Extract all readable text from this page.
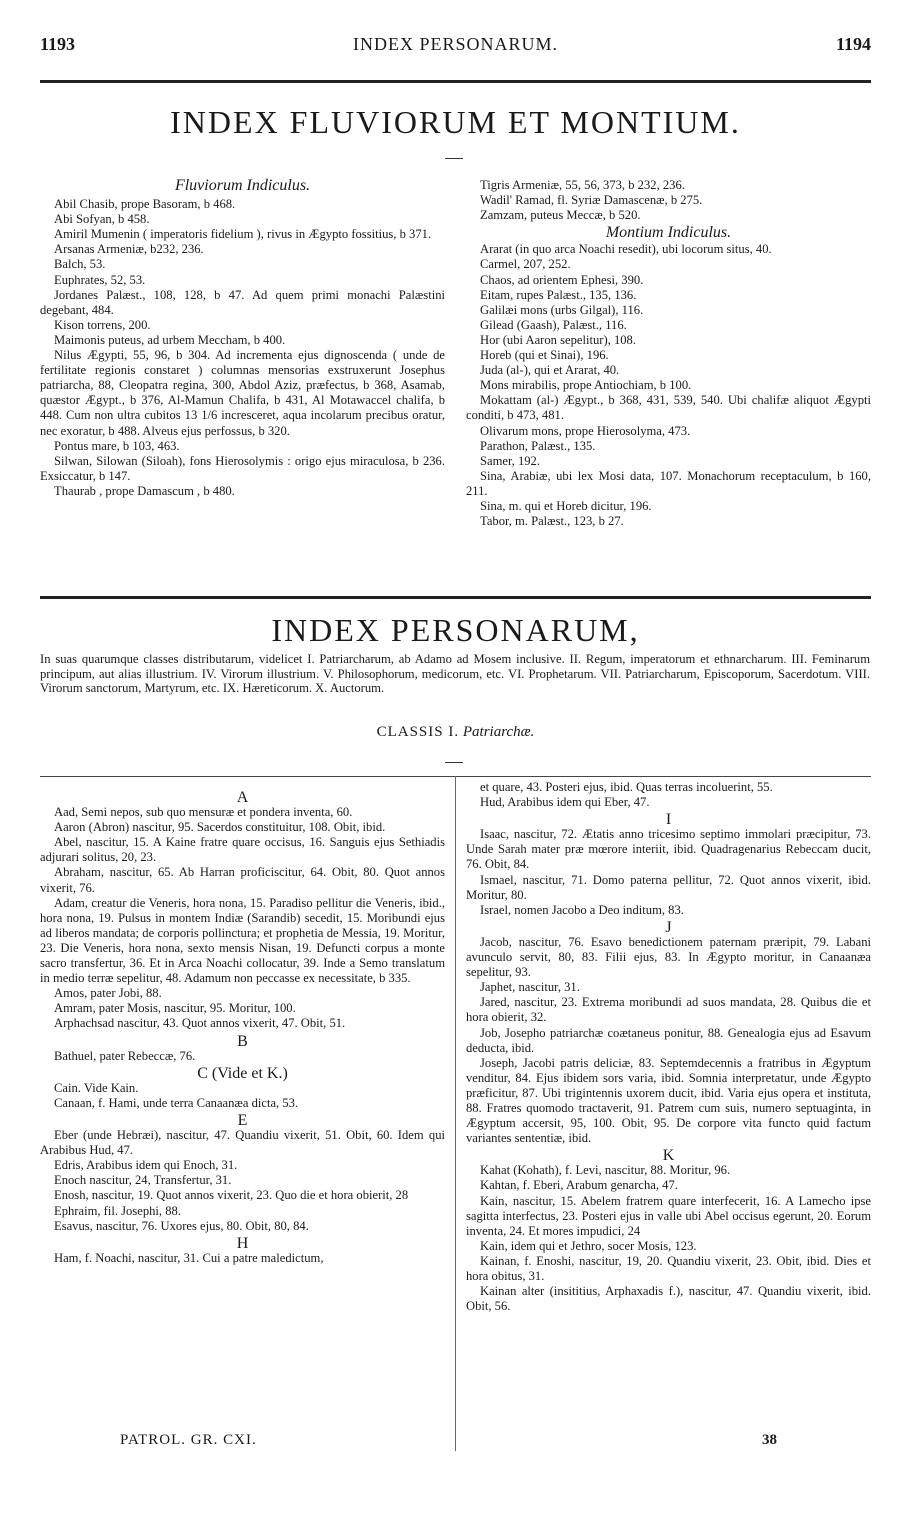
1193	INDEX PERSONARUM.	1194
INDEX FLUVIORUM ET MONTIUM.

Fluviorum Indiculus.

Abil Chasib, prope Basoram, b 468.

Abi Sofyan, b 458.

Amiril Mumenin ( imperatoris fidelium ), rivus in Ægypto fossitius, b 371.

Arsanas Armeniæ, b232, 236.

Balch, 53.

Euphrates, 52, 53.

Jordanes Palæst., 108, 128, b 47. Ad quem primi monachi Palæstini degebant, 484.

Kison torrens, 200.

Maimonis puteus, ad urbem Meccham, b 400.

Nilus Ægypti, 55, 96, b 304. Ad incrementa ejus dignoscenda ( unde de fertilitate regionis constaret ) columnas mensorias exstruxerunt Josephus patriarcha, 88, Cleopatra regina, 300, Abdol Aziz, præfectus, b 368, Asamab, quæstor Ægypt., b 376, Al-Mamun Chalifa, b 431, Al Motawaccel chalifa, b 448. Cum non ultra cubitos 13 1/6 incresceret, aqua incolarum precibus oratur, nec exoratur, b 488. Alveus ejus perfossus, b 320.

Pontus mare, b 103, 463.

Silwan, Silowan (Siloah), fons Hierosolymis : origo ejus miraculosa, b 236. Exsiccatur, b 147.

Thaurab , prope Damascum , b 480.

Tigris Armeniæ, 55, 56, 373, b 232, 236.

Wadil' Ramad, fl. Syriæ Damascenæ, b 275.

Zamzam, puteus Meccæ, b 520.

Montium Indiculus.

Ararat (in quo arca Noachi resedit), ubi locorum situs, 40.

Carmel, 207, 252.

Chaos, ad orientem Ephesi, 390.

Eitam, rupes Palæst., 135, 136.

Galilæi mons (urbs Gilgal), 116.

Gilead (Gaash), Palæst., 116.

Hor (ubi Aaron sepelitur), 108.

Horeb (qui et Sinai), 196.

Juda (al-), qui et Ararat, 40.

Mons mirabilis, prope Antiochiam, b 100.

Mokattam (al-) Ægypt., b 368, 431, 539, 540. Ubi chalifæ aliquot Ægypti conditi, b 473, 481.

Olivarum mons, prope Hierosolyma, 473.

Parathon, Palæst., 135.

Samer, 192.

Sina, Arabiæ, ubi lex Mosi data, 107. Monachorum receptaculum, b 160, 211.

Sina, m. qui et Horeb dicitur, 196.

Tabor, m. Palæst., 123, b 27.

INDEX PERSONARUM,
In suas quarumque classes distributarum, videlicet I. Patriarcharum, ab Adamo ad Mosem inclusive. II. Regum, imperatorum et ethnarcharum. III. Feminarum principum, aut alias illustrium. IV. Virorum illustrium. V. Philosophorum, medicorum, etc. VI. Prophetarum. VII. Patriarcharum, Episcoporum, Sacerdotum. VIII. Virorum sanctorum, Martyrum, etc. IX. Hæreticorum. X. Auctorum.
CLASSIS I. Patriarchæ.

A

Aad, Semi nepos, sub quo mensuræ et pondera inventa, 60.

Aaron (Abron) nascitur, 95. Sacerdos constituitur, 108. Obit, ibid.

Abel, nascitur, 15. A Kaine fratre quare occisus, 16. Sanguis ejus Sethiadis adjurari solitus, 20, 23.

Abraham, nascitur, 65. Ab Harran proficiscitur, 64. Obit, 80. Quot annos vixerit, 76.

Adam, creatur die Veneris, hora nona, 15. Paradiso pellitur die Veneris, ibid., hora nona, 19. Pulsus in montem Indiæ (Sarandib) secedit, 15. Moribundi ejus ad liberos mandata; de corporis pollinctura; et prophetia de Messia, 19. Moritur, 23. Die Veneris, hora nona, sexto mensis Nisan, 19. Defuncti corpus a monte sacro transfertur, 36. Et in Arca Noachi collocatur, 39. Inde a Semo translatum in medio terræ sepelitur, 48. Adamum non peccasse ex necessitate, b 335.

Amos, pater Jobi, 88.

Amram, pater Mosis, nascitur, 95. Moritur, 100.

Arphachsad nascitur, 43. Quot annos vixerit, 47. Obit, 51.

B

Bathuel, pater Rebeccæ, 76.

C (Vide et K.)

Cain. Vide Kain.

Canaan, f. Hami, unde terra Canaanæa dicta, 53.

E

Eber (unde Hebræi), nascitur, 47. Quandiu vixerit, 51. Obit, 60. Idem qui Arabibus Hud, 47.

Edris, Arabibus idem qui Enoch, 31.

Enoch nascitur, 24, Transfertur, 31.

Enosh, nascitur, 19. Quot annos vixerit, 23. Quo die et hora obierit, 28

Ephraim, fil. Josephi, 88.

Esavus, nascitur, 76. Uxores ejus, 80. Obit, 80, 84.

H

Ham, f. Noachi, nascitur, 31. Cui a patre maledictum,

et quare, 43. Posteri ejus, ibid. Quas terras incoluerint, 55.

Hud, Arabibus idem qui Eber, 47.

I

Isaac, nascitur, 72. Ætatis anno tricesimo septimo immolari præcipitur, 73. Unde Sarah mater præ mœrore interiit, ibid. Quadragenarius Rebeccam ducit, 76. Obit, 84.

Ismael, nascitur, 71. Domo paterna pellitur, 72. Quot annos vixerit, ibid. Moritur, 80.

Israel, nomen Jacobo a Deo inditum, 83.

J

Jacob, nascitur, 76. Esavo benedictionem paternam præripit, 79. Labani avunculo servit, 80, 83. Filii ejus, 83. In Ægypto moritur, in Canaanæa sepelitur, 93.

Japhet, nascitur, 31.

Jared, nascitur, 23. Extrema moribundi ad suos mandata, 28. Quibus die et hora obierit, 32.

Job, Josepho patriarchæ coætaneus ponitur, 88. Genealogia ejus ad Esavum deducta, ibid.

Joseph, Jacobi patris deliciæ, 83. Septemdecennis a fratribus in Ægyptum venditur, 84. Ejus ibidem sors varia, ibid. Somnia interpretatur, unde Ægypto præficitur, 87. Ubi trigintennis uxorem ducit, ibid. Varia ejus opera et instituta, 88. Fratres quomodo tractaverit, 91. Patrem cum suis, numero septuaginta, in Ægyptum accersit, 95, 100. Obit, 95. De corpore vita functo quid factum variantes sententiæ, ibid.

K

Kahat (Kohath), f. Levi, nascitur, 88. Moritur, 96.

Kahtan, f. Eberi, Arabum genarcha, 47.

Kain, nascitur, 15. Abelem fratrem quare interfecerit, 16. A Lamecho ipse sagitta interfectus, 23. Posteri ejus in valle ubi Abel occisus egerunt, 20. Eorum inventa, 24. Et mores impudici, 24

Kain, idem qui et Jethro, socer Mosis, 123.

Kainan, f. Enoshi, nascitur, 19, 20. Quandiu vixerit, 23. Obit, ibid. Dies et hora obitus, 31.

Kainan alter (insititius, Arphaxadis f.), nascitur, 47. Quandiu vixerit, ibid. Obit, 56.

PATROL. GR. CXI.	38
